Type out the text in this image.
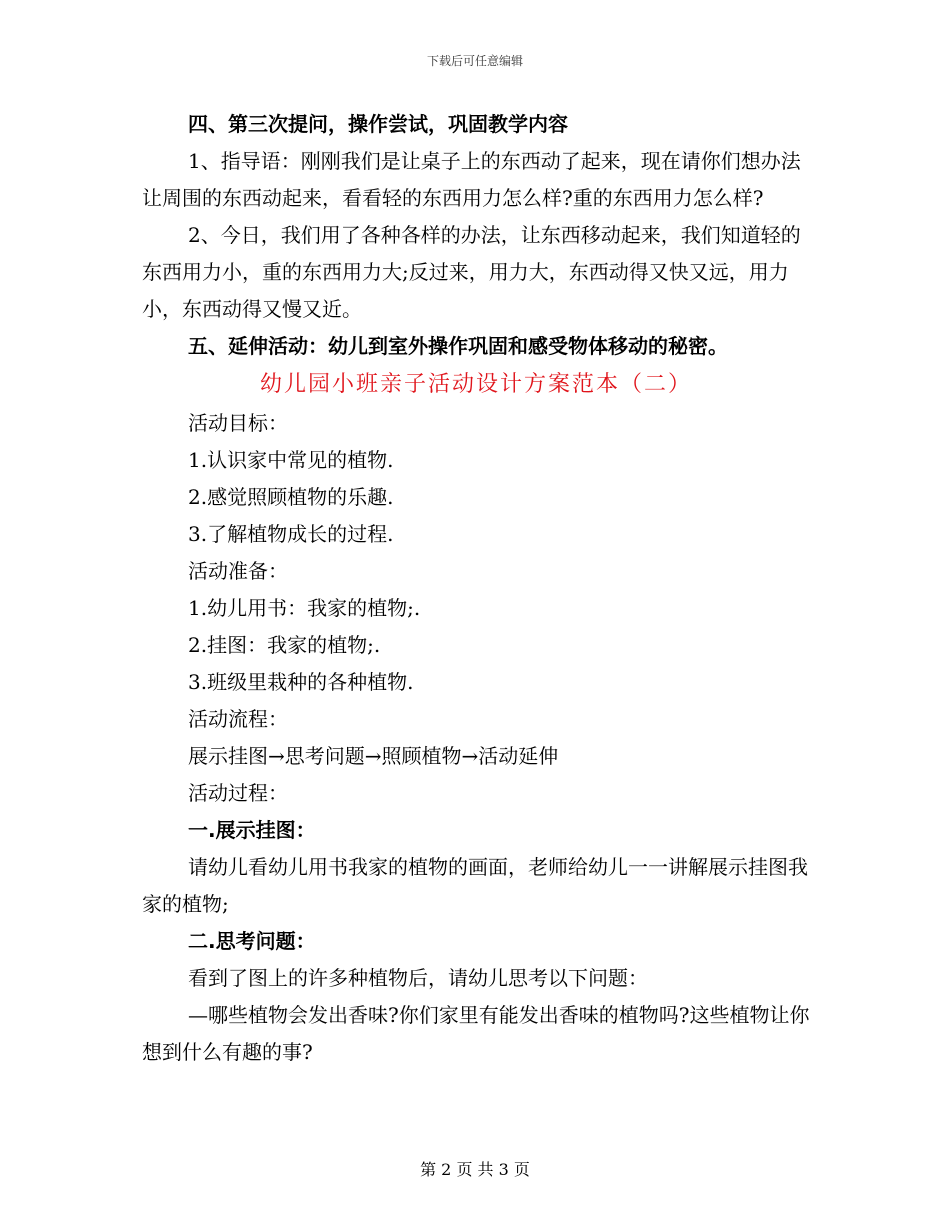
下载后可任意编辑

四、第三次提问，操作尝试，巩固教学内容

1、指导语：刚刚我们是让桌子上的东西动了起来，现在请你们想办法让周围的东西动起来，看看轻的东西用力怎么样?重的东西用力怎么样?

2、今日，我们用了各种各样的办法，让东西移动起来，我们知道轻的东西用力小，重的东西用力大;反过来，用力大，东西动得又快又远，用力小，东西动得又慢又近。

五、延伸活动：幼儿到室外操作巩固和感受物体移动的秘密。

幼儿园小班亲子活动设计方案范本（二）

活动目标：

1.认识家中常见的植物.

2.感觉照顾植物的乐趣.

3.了解植物成长的过程.

活动准备：

1.幼儿用书：我家的植物;.

2.挂图：我家的植物;.

3.班级里栽种的各种植物.

活动流程：

展示挂图→思考问题→照顾植物→活动延伸

活动过程：

一.展示挂图：

请幼儿看幼儿用书我家的植物的画面，老师给幼儿一一讲解展示挂图我家的植物;

二.思考问题：

看到了图上的许多种植物后，请幼儿思考以下问题：

—哪些植物会发出香味?你们家里有能发出香味的植物吗?这些植物让你想到什么有趣的事?

第 2 页 共 3 页
